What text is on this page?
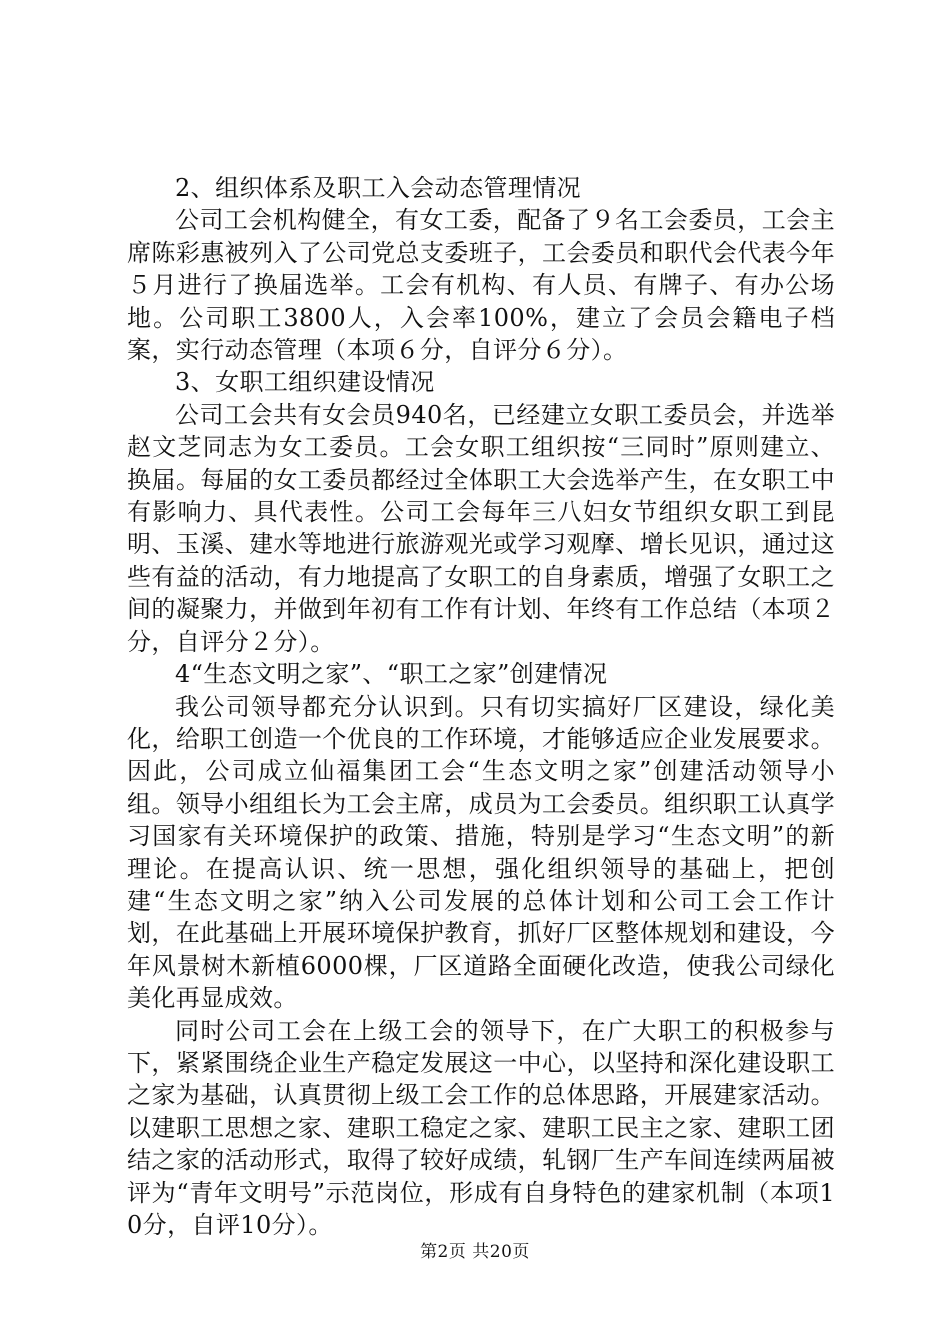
2、组织体系及职工入会动态管理情况

公司工会机构健全，有女工委，配备了９名工会委员，工会主席陈彩惠被列入了公司党总支委班子，工会委员和职代会代表今年５月进行了换届选举。工会有机构、有人员、有牌子、有办公场地。公司职工3800人，入会率100%，建立了会员会籍电子档案，实行动态管理（本项６分，自评分６分）。

3、女职工组织建设情况

公司工会共有女会员940名，已经建立女职工委员会，并选举赵文芝同志为女工委员。工会女职工组织按“三同时”原则建立、换届。每届的女工委员都经过全体职工大会选举产生，在女职工中有影响力、具代表性。公司工会每年三八妇女节组织女职工到昆明、玉溪、建水等地进行旅游观光或学习观摩、增长见识，通过这些有益的活动，有力地提高了女职工的自身素质，增强了女职工之间的凝聚力，并做到年初有工作有计划、年终有工作总结（本项２分，自评分２分）。

4“生态文明之家”、“职工之家”创建情况

我公司领导都充分认识到。只有切实搞好厂区建设，绿化美化，给职工创造一个优良的工作环境，才能够适应企业发展要求。因此，公司成立仙福集团工会“生态文明之家”创建活动领导小组。领导小组组长为工会主席，成员为工会委员。组织职工认真学习国家有关环境保护的政策、措施，特别是学习“生态文明”的新理论。在提高认识、统一思想，强化组织领导的基础上，把创建“生态文明之家”纳入公司发展的总体计划和公司工会工作计划，在此基础上开展环境保护教育，抓好厂区整体规划和建设，今年风景树木新植6000棵，厂区道路全面硬化改造，使我公司绿化美化再显成效。

同时公司工会在上级工会的领导下，在广大职工的积极参与下，紧紧围绕企业生产稳定发展这一中心，以坚持和深化建设职工之家为基础，认真贯彻上级工会工作的总体思路，开展建家活动。以建职工思想之家、建职工稳定之家、建职工民主之家、建职工团结之家的活动形式，取得了较好成绩，轧钢厂生产车间连续两届被评为“青年文明号”示范岗位，形成有自身特色的建家机制（本项10分，自评10分）。

第2页 共20页
